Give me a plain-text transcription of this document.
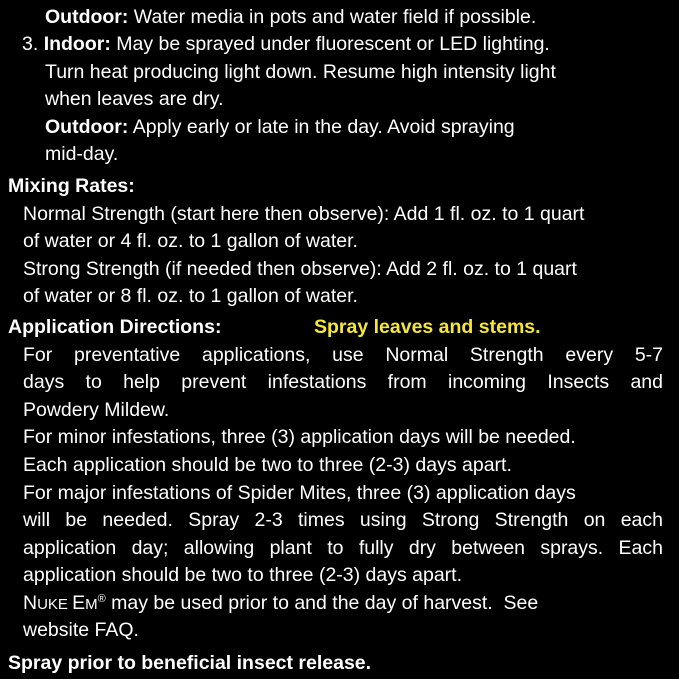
Outdoor: Water media in pots and water field if possible.
3. Indoor: May be sprayed under fluorescent or LED lighting.
Turn heat producing light down. Resume high intensity light
when leaves are dry.
Outdoor: Apply early or late in the day. Avoid spraying
mid-day.
Mixing Rates:
Normal Strength (start here then observe): Add 1 fl. oz. to 1 quart
of water or 4 fl. oz. to 1 gallon of water.
Strong Strength (if needed then observe): Add 2 fl. oz. to 1 quart
of water or 8 fl. oz. to 1 gallon of water.
Application Directions:	Spray leaves and stems.
For preventative applications, use Normal Strength every 5-7
days to help prevent infestations from incoming Insects and
Powdery Mildew.
For minor infestations, three (3) application days will be needed.
Each application should be two to three (2-3) days apart.
For major infestations of Spider Mites, three (3) application days
will be needed. Spray 2-3 times using Strong Strength on each
application day; allowing plant to fully dry between sprays. Each
application should be two to three (2-3) days apart.
NUKE EM® may be used prior to and the day of harvest.  See
website FAQ.
Spray prior to beneficial insect release.
